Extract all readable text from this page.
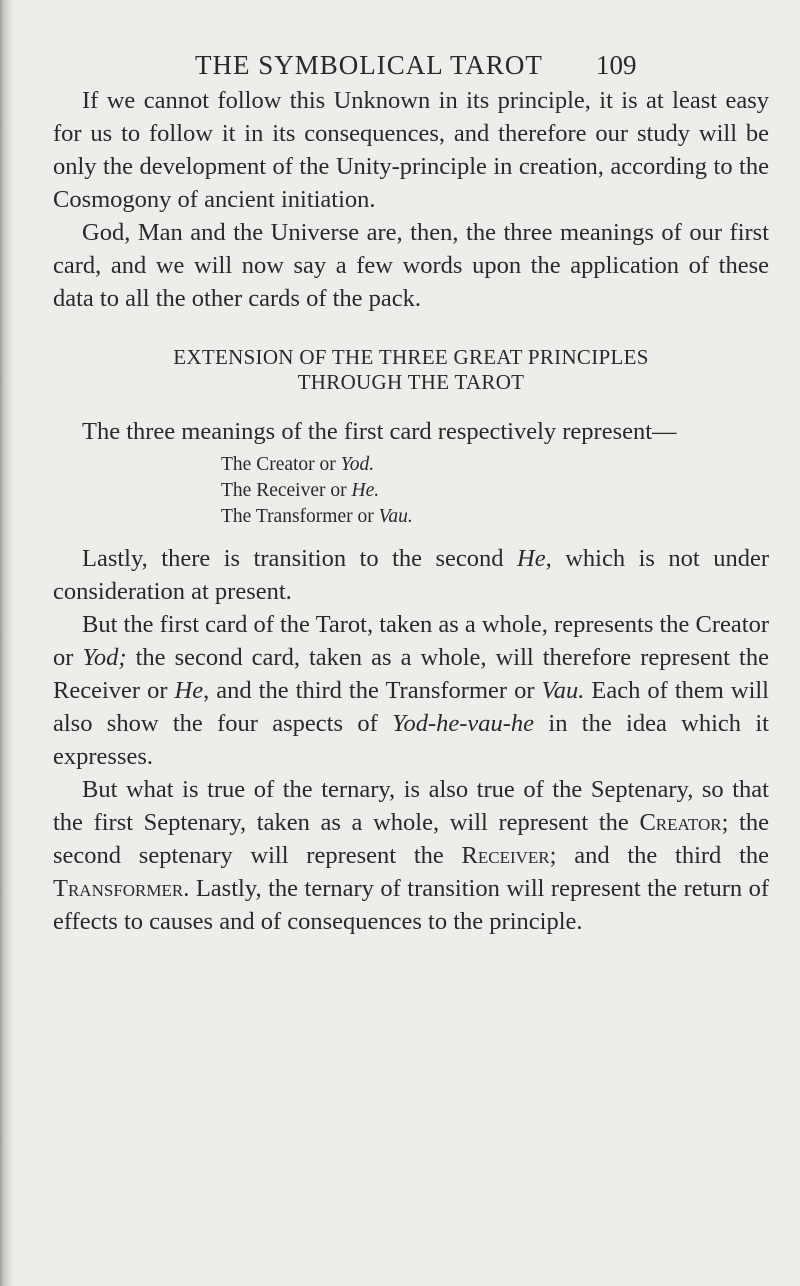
THE SYMBOLICAL TAROT	109

If we cannot follow this Unknown in its principle, it is at least easy for us to follow it in its consequences, and therefore our study will be only the development of the Unity-principle in creation, according to the Cosmogony of ancient initiation.

God, Man and the Universe are, then, the three meanings of our first card, and we will now say a few words upon the application of these data to all the other cards of the pack.

EXTENSION OF THE THREE GREAT PRINCIPLES
THROUGH THE TAROT

The three meanings of the first card respectively represent—

The Creator or Yod.
The Receiver or He.
The Transformer or Vau.

Lastly, there is transition to the second He, which is not under consideration at present.

But the first card of the Tarot, taken as a whole, represents the Creator or Yod; the second card, taken as a whole, will therefore represent the Receiver or He, and the third the Transformer or Vau. Each of them will also show the four aspects of Yod-he-vau-he in the idea which it expresses.

But what is true of the ternary, is also true of the Septenary, so that the first Septenary, taken as a whole, will represent the Creator; the second septenary will represent the Receiver; and the third the Transformer. Lastly, the ternary of transition will represent the return of effects to causes and of consequences to the principle.
